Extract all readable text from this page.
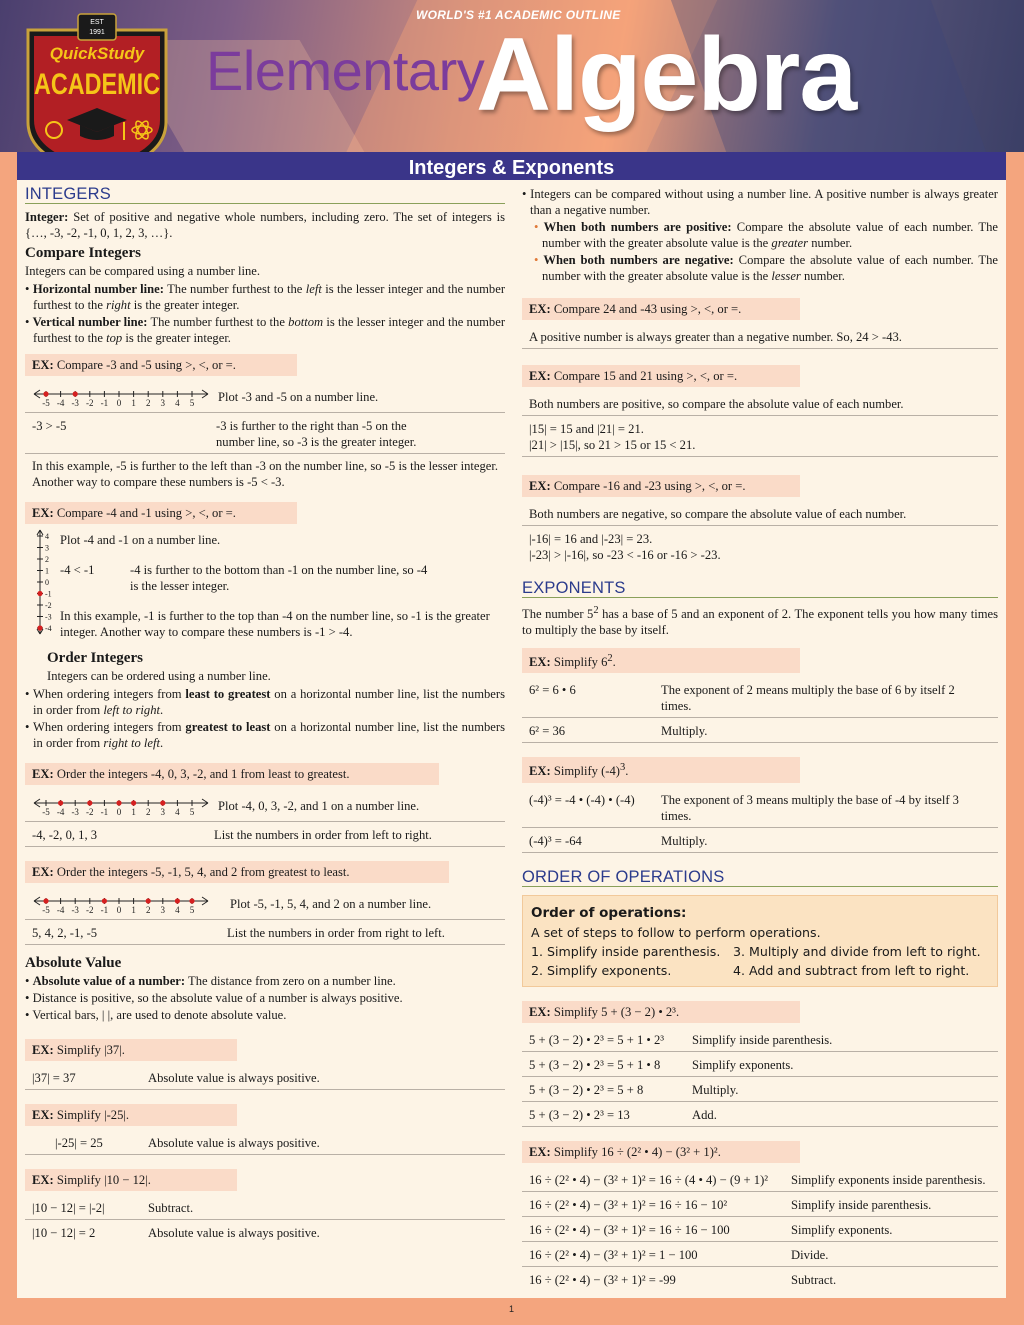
WORLD'S #1 ACADEMIC OUTLINE
Elementary
Algebra
EST
1991
QuickStudy
ACADEMIC
Integers & Exponents
INTEGERS

Integer: Set of positive and negative whole numbers, including zero. The set of integers is {…, -3, -2, -1, 0, 1, 2, 3, …}.

Compare Integers

Integers can be compared using a number line.

• Horizontal number line: The number furthest to the left is the lesser integer and the number furthest to the right is the greater integer.
• Vertical number line: The number furthest to the bottom is the lesser integer and the number furthest to the top is the greater integer.
EX: Compare -3 and -5 using >, <, or =.
-5 -4 -3 -2 -1 0 1 2 3 4 5 Plot -3 and -5 on a number line.
-3 > -5	-3 is further to the right than -5 on the number line, so -3 is the greater integer.

In this example, -5 is further to the left than -3 on the number line, so -5 is the lesser integer. Another way to compare these numbers is -5 < -3.

EX: Compare -4 and -1 using >, <, or =.
4
3
2
1
0
-1
-2
-3
-4
Plot -4 and -1 on a number line.
-4 < -1	-4 is further to the bottom than -1 on the number line, so -4 is the lesser integer.

In this example, -1 is further to the top than -4 on the number line, so -1 is the greater integer. Another way to compare these numbers is -1 > -4.

Order Integers

Integers can be ordered using a number line.

• When ordering integers from least to greatest on a horizontal number line, list the numbers in order from left to right.
• When ordering integers from greatest to least on a horizontal number line, list the numbers in order from right to left.
EX: Order the integers -4, 0, 3, -2, and 1 from least to greatest.
-5 -4 -3 -2 -1 0 1 2 3 4 5 Plot -4, 0, 3, -2, and 1 on a number line.
-4, -2, 0, 1, 3	List the numbers in order from left to right.
EX: Order the integers -5, -1, 5, 4, and 2 from greatest to least.
-5 -4 -3 -2 -1 0 1 2 3 4 5	Plot -5, -1, 5, 4, and 2 on a number line.
5, 4, 2, -1, -5	List the numbers in order from right to left.
Absolute Value
• Absolute value of a number: The distance from zero on a number line.
• Distance is positive, so the absolute value of a number is always positive.
• Vertical bars, | |, are used to denote absolute value.
EX: Simplify |37|.
|37| = 37	Absolute value is always positive.
EX: Simplify |-25|.
|-25| = 25	Absolute value is always positive.
EX: Simplify |10 − 12|.
|10 − 12| = |-2|	Subtract.
|10 − 12| = 2	Absolute value is always positive.
• Integers can be compared without using a number line. A positive number is always greater than a negative number.
• When both numbers are positive: Compare the absolute value of each number. The number with the greater absolute value is the greater number.
• When both numbers are negative: Compare the absolute value of each number. The number with the greater absolute value is the lesser number.
EX: Compare 24 and -43 using >, <, or =.
A positive number is always greater than a negative number. So, 24 > -43.
EX: Compare 15 and 21 using >, <, or =.
Both numbers are positive, so compare the absolute value of each number.
|15| = 15 and |21| = 21.
|21| > |15|, so 21 > 15 or 15 < 21.
EX: Compare -16 and -23 using >, <, or =.
Both numbers are negative, so compare the absolute value of each number.
|-16| = 16 and |-23| = 23.
|-23| > |-16|, so -23 < -16 or -16 > -23.
EXPONENTS

The number $5^2$ has a base of 5 and an exponent of 2. The exponent tells you how many times to multiply the base by itself.

EX: Simplify $6^2$.
6² = 6 • 6	The exponent of 2 means multiply the base of 6 by itself 2 times.
6² = 36	Multiply.
EX: Simplify $(-4)^3$.
(-4)³ = -4 • (-4) • (-4)	The exponent of 3 means multiply the base of -4 by itself 3 times.
(-4)³ = -64	Multiply.
ORDER OF OPERATIONS
Order of operations:
A set of steps to follow to perform operations.
1. Simplify inside parenthesis.	3. Multiply and divide from left to right.
2. Simplify exponents.	4. Add and subtract from left to right.
EX: Simplify 5 + (3 − 2) • 2³.
5 + (3 − 2) • 2³ = 5 + 1 • 2³	Simplify inside parenthesis.
5 + (3 − 2) • 2³ = 5 + 1 • 8	Simplify exponents.
5 + (3 − 2) • 2³ = 5 + 8	Multiply.
5 + (3 − 2) • 2³ = 13	Add.
EX: Simplify 16 ÷ (2² • 4) − (3² + 1)².
16 ÷ (2² • 4) − (3² + 1)² = 16 ÷ (4 • 4) − (9 + 1)²	Simplify exponents inside parenthesis.
16 ÷ (2² • 4) − (3² + 1)² = 16 ÷ 16 − 10²	Simplify inside parenthesis.
16 ÷ (2² • 4) − (3² + 1)² = 16 ÷ 16 − 100	Simplify exponents.
16 ÷ (2² • 4) − (3² + 1)² = 1 − 100	Divide.
16 ÷ (2² • 4) − (3² + 1)² = -99	Subtract.
1
